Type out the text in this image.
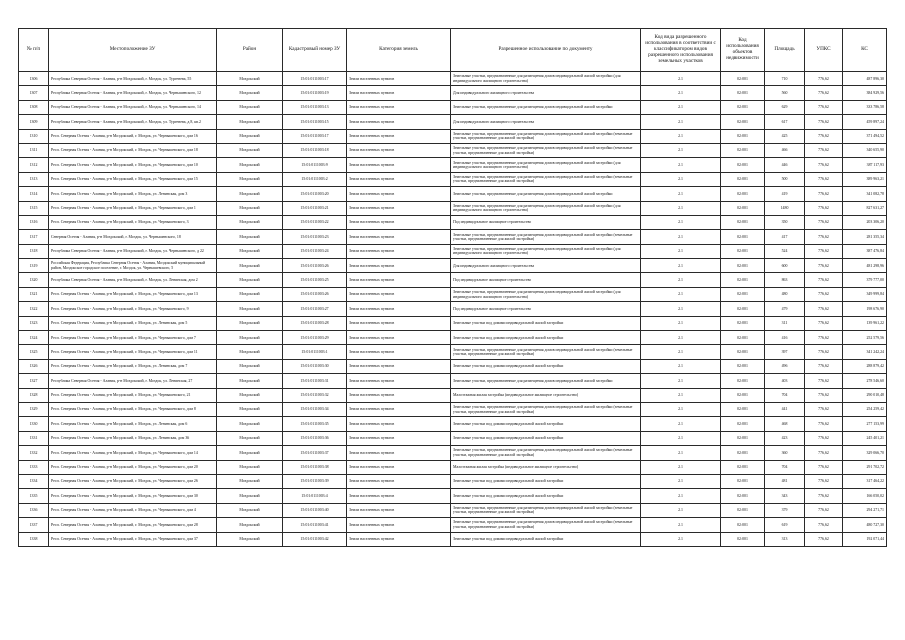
№ п/п	Местоположение ЗУ	Район	Кадастровый номер ЗУ	Категория земель	Разрешенное использование по документу	Код вида разрешенного использования в соответствии с классификатором видов разрешенного использования земельных участков	Код использования объектов недвижимости	Площадь	УПКС	КС
1306	Республика Северная Осетия - Алания, р-н Моздокский, г. Моздок, ул. Тургенева, 55	Моздокский	15:01:0111003:17	Земли населенных пунктов	Земельные участки, предназначенные для размещения домов индивидуальной жилой застройки (для индивидуального жилищного строительства)	2.1	02:001	710	776,62	487 896,30
1307	Республика Северная Осетия - Алания, р-н Моздокский, г. Моздок, ул. Чернышевского, 12	Моздокский	15:01:0111003:19	Земли населенных пунктов	Для индивидуального жилищного строительства	2.1	02:001	560	776,62	384 929,56
1308	Республика Северная Осетия - Алания, р-н Моздокский, г. Моздок, ул. Чернышевского, 14	Моздокский	15:01:0111003:13	Земли населенных пунктов	Земельные участки, предназначенные для размещения домов индивидуальной жилой застройки	2.1	02:001	629	776,62	333 786,58
1309	Республика Северная Осетия - Алания, р-н Моздокский, г. Моздок, ул. Тургенева, д.8, кв.2	Моздокский	15:01:0111003:15	Земли населенных пунктов	Для индивидуального жилищного строительства	2.1	02:001	617	776,62	459 897,24
1310	Респ. Северная Осетия - Алания, р-н Моздокский, г. Моздок, ул. Чернышевского, дом 16	Моздокский	15:01:0111003:17	Земли населенных пунктов	Земельные участки, предназначенные для размещения домов индивидуальной жилой застройки (земельные участки, предназначенные для жилой застройки)	2.1	02:001	425	776,62	371 494,52
1311	Респ. Северная Осетия - Алания, р-н Моздокский, г. Моздок, ул. Чернышевского, дом 18	Моздокский	15:01:0111003:18	Земли населенных пунктов	Земельные участки, предназначенные для размещения домов индивидуальной жилой застройки (земельные участки, предназначенные для жилой застройки)	2.1	02:001	466	776,62	340 655,90
1312	Респ. Северная Осетия - Алания, р-н Моздокский, г. Моздок, ул. Чернышевского, дом 10	Моздокский	15:01:0111003:9	Земли населенных пунктов	Земельные участки, предназначенные для размещения домов индивидуальной жилой застройки (для индивидуального жилищного строительства)	2.1	02:001	446	776,62	387 117,93
1313	Респ. Северная Осетия - Алания, р-н Моздокский, г. Моздок, ул. Чернышевского, дом 15	Моздокский	15:01:0111003:2	Земли населенных пунктов	Земельные участки, предназначенные для размещения домов индивидуальной жилой застройки (земельные участки, предназначенные для жилой застройки)	2.1	02:001	500	776,62	389 963,21
1314	Респ. Северная Осетия - Алания, р-н Моздокский, г. Моздок, ул. Ленинская, дом 3	Моздокский	15:01:0111003:20	Земли населенных пунктов	Земельные участки, предназначенные для размещения домов индивидуальной жилой застройки	2.1	02:001	419	776,62	341 082,78
1315	Респ. Северная Осетия - Алания, р-н Моздокский, г. Моздок, ул. Чернышевского, дом 1	Моздокский	15:01:0111003:21	Земли населенных пунктов	Земельные участки, предназначенные для размещения домов индивидуальной жилой застройки (для индивидуального жилищного строительства)	2.1	02:001	1480	776,62	827 631,27
1316	Респ. Северная Осетия - Алания, р-н Моздокский, г. Моздок, ул. Чернышевского, 3	Моздокский	15:01:0111003:22	Земли населенных пунктов	Под индивидуальное жилищное строительство	2.1	02:001	350	776,62	203 306,20
1317	Северная Осетия - Алания, р-н Моздокский, г. Моздок, ул. Чернышевского, 18	Моздокский	15:01:0111003:23	Земли населенных пунктов	Земельные участки, предназначенные для размещения домов индивидуальной жилой застройки (земельные участки, предназначенные для жилой застройки)	2.1	02:001	417	776,62	281 355,34
1318	Республика Северная Осетия - Алания, р-н Моздокский, г. Моздок, ул. Чернышевского, д 22	Моздокский	15:01:0111003:24	Земли населенных пунктов	Земельные участки, предназначенные для размещения домов индивидуальной жилой застройки (для индивидуального жилищного строительства)	2.1	02:001	524	776,62	387 476,84
1319	Российская Федерация, Республика Северная Осетия - Алания, Моздокский муниципальный район, Моздокское городское поселение, г. Моздок, ул. Чернышевского, 5	Моздокский	15:01:0111003:26	Земли населенных пунктов	Для индивидуального жилищного строительства	2.1	02:001	600	776,62	481 298,96
1320	Республика Северная Осетия - Алания, р-н Моздокский, г. Моздок, ул. Ленинская, дом 2	Моздокский	15:01:0111003:25	Земли населенных пунктов	Под индивидуальное жилищное строительство	2.1	02:001	863	776,62	379 777,00
1321	Респ. Северная Осетия - Алания, р-н Моздокский, г. Моздок, ул. Чернышевского, дом 13	Моздокский	15:01:0111003:26	Земли населенных пунктов	Земельные участки, предназначенные для размещения домов индивидуальной жилой застройки (для индивидуального жилищного строительства)	2.1	02:001	480	776,62	349 999,84
1322	Респ. Северная Осетия - Алания, р-н Моздокский, г. Моздок, ул. Чернышевского, 9	Моздокский	15:01:0111003:27	Земли населенных пунктов	Под индивидуальное жилищное строительство	2.1	02:001	479	776,62	198 676,90
1323	Респ. Северная Осетия - Алания, р-н Моздокский, г. Моздок, ул. Ленинская, дом 5	Моздокский	15:01:0111003:28	Земли населенных пунктов	Земельные участки под домами индивидуальной жилой застройки	2.1	02:001	311	776,62	139 961,22
1324	Респ. Северная Осетия - Алания, р-н Моздокский, г. Моздок, ул. Чернышевского, дом 7	Моздокский	15:01:0111003:29	Земли населенных пунктов	Земельные участки под домами индивидуальной жилой застройки	2.1	02:001	416	776,62	252 579,56
1325	Респ. Северная Осетия - Алания, р-н Моздокский, г. Моздок, ул. Чернышевского, дом 11	Моздокский	15:01:0111003:1	Земли населенных пунктов	Земельные участки, предназначенные для размещения домов индивидуальной жилой застройки (земельные участки, предназначенные для жилой застройки)	2.1	02:001	397	776,62	341 242,24
1326	Респ. Северная Осетия - Алания, р-н Моздокский, г. Моздок, ул. Ленинская, дом 7	Моздокский	15:01:0111003:30	Земли населенных пунктов	Земельные участки под домами индивидуальной жилой застройки	2.1	02:001	496	776,62	288 879,42
1327	Республика Северная Осетия - Алания, р-н Моздокский, г. Моздок, ул. Ленинская, 27	Моздокский	15:01:0111003:31	Земли населенных пунктов	Земельные участки, предназначенные для размещения домов индивидуальной жилой застройки	2.1	02:001	403	776,62	278 546,60
1328	Респ. Северная Осетия - Алания, р-н Моздокский, г. Моздок, ул. Чернышевского, 21	Моздокский	15:01:0111003:32	Земли населенных пунктов	Малоэтажная жилая застройка (индивидуальное жилищное строительство)	2.1	02:001	704	776,62	290 010,48
1329	Респ. Северная Осетия - Алания, р-н Моздокский, г. Моздок, ул. Чернышевского, дом 8	Моздокский	15:01:0111003:34	Земли населенных пунктов	Земельные участки, предназначенные для размещения домов индивидуальной жилой застройки (земельные участки, предназначенные для жилой застройки)	2.1	02:001	441	776,62	254 259,42
1330	Респ. Северная Осетия - Алания, р-н Моздокский, г. Моздок, ул. Ленинская, дом 6	Моздокский	15:01:0111003:35	Земли населенных пунктов	Земельные участки под домами индивидуальной жилой застройки	2.1	02:001	468	776,62	277 153,99
1331	Респ. Северная Осетия - Алания, р-н Моздокский, г. Моздок, ул. Ленинская, дом 36	Моздокский	15:01:0111003:36	Земли населенных пунктов	Земельные участки под домами индивидуальной жилой застройки	2.1	02:001	423	776,62	245 401,21
1332	Респ. Северная Осетия - Алания, р-н Моздокский, г. Моздок, ул. Чернышевского, дом 14	Моздокский	15:01:0111003:37	Земли населенных пунктов	Земельные участки, предназначенные для размещения домов индивидуальной жилой застройки (земельные участки, предназначенные для жилой застройки)	2.1	02:001	360	776,62	329 066,70
1333	Респ. Северная Осетия - Алания, р-н Моздокский, г. Моздок, ул. Чернышевского, дом 20	Моздокский	15:01:0111003:38	Земли населенных пунктов	Малоэтажная жилая застройка (индивидуальное жилищное строительство)	2.1	02:001	704	776,62	291 702,72
1334	Респ. Северная Осетия - Алания, р-н Моздокский, г. Моздок, ул. Чернышевского, дом 26	Моздокский	15:01:0111003:39	Земли населенных пунктов	Земельные участки под домами индивидуальной жилой застройки	2.1	02:001	481	776,62	317 464,22
1335	Респ. Северная Осетия - Алания, р-н Моздокский, г. Моздок, ул. Чернышевского, дом 30	Моздокский	15:01:0111003:4	Земли населенных пунктов	Земельные участки под домами индивидуальной жилой застройки	2.1	02:001	343	776,62	166 050,02
1336	Респ. Северная Осетия - Алания, р-н Моздокский, г. Моздок, ул. Чернышевского, дом 4	Моздокский	15:01:0111003:40	Земли населенных пунктов	Земельные участки, предназначенные для размещения домов индивидуальной жилой застройки (земельные участки, предназначенные для жилой застройки)	2.1	02:001	379	776,62	294 271,71
1337	Респ. Северная Осетия - Алания, р-н Моздокский, г. Моздок, ул. Чернышевского, дом 28	Моздокский	15:01:0111003:41	Земли населенных пунктов	Земельные участки, предназначенные для размещения домов индивидуальной жилой застройки (земельные участки, предназначенные для жилой застройки)	2.1	02:001	619	776,62	480 727,30
1338	Респ. Северная Осетия - Алания, р-н Моздокский, г. Моздок, ул. Чернышевского, дом 37	Моздокский	15:01:0111003:42	Земли населенных пунктов	Земельные участки под домами индивидуальной жилой застройки	2.1	02:001	313	776,62	192 071,44
